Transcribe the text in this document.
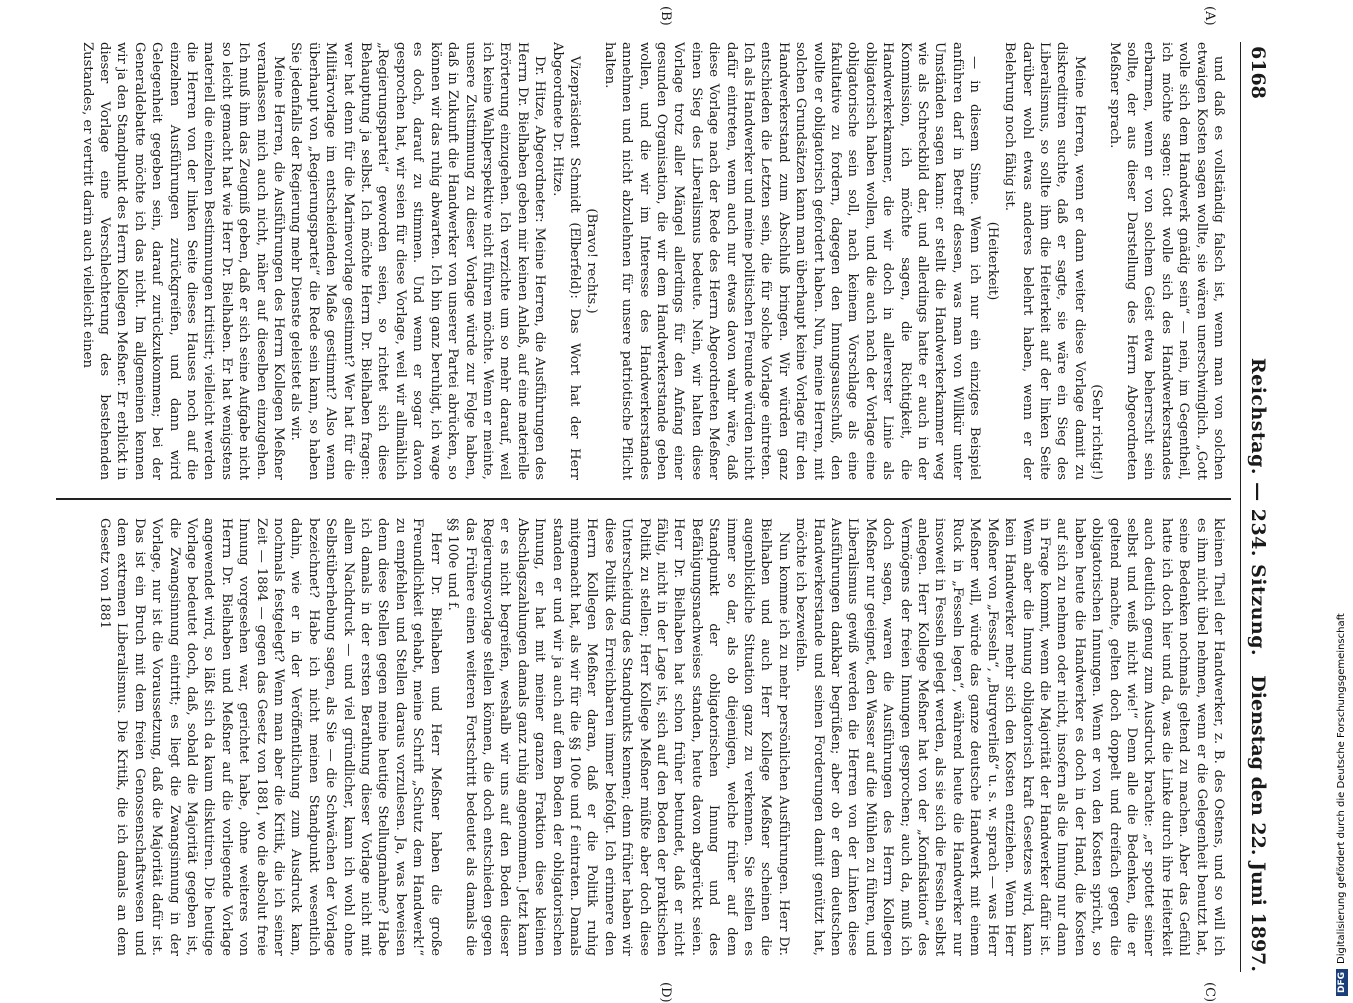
6168
Reichstag. — 234. Sitzung.
Dienstag den 22. Juni 1897.
(A)
(B)
(C)
(D)

und daß es vollständig falsch ist, wenn man von solchen etwaigen Kosten sagen wollte, sie wären unerschwinglich. „Gott wolle sich dem Handwerk gnädig sein“ — nein, im Gegentheil, ich möchte sagen: Gott wolle sich des Handwerkerstandes erbarmen, wenn er von solchem Geist etwa beherrscht sein sollte, der aus dieser Darstellung des Herrn Abgeordneten Meßner sprach.

(Sehr richtig!)

Meine Herren, wenn er dann weiter diese Vorlage damit zu diskreditiren suchte, daß er sagte, sie wäre ein Sieg des Liberalismus, so sollte ihm die Heiterkeit auf der linken Seite darüber wohl etwas anderes belehrt haben, wenn er der Belehrung noch fähig ist.

(Heiterkeit)

— in diesem Sinne. Wenn ich nur ein einziges Beispiel anführen darf in Betreff dessen, was man von Willkür unter Umständen sagen kann: er stellt die Handwerkerkammer weg wie als Schreckbild dar, und allerdings hatte er auch in der Kommission, ich möchte sagen, die Richtigkeit, die Handwerkerkammer, die wir doch in allererster Linie als obligatorisch haben wollen, und die auch nach der Vorlage eine obligatorische sein soll, nach keinem Vorschlage als eine fakultative zu fordern, dagegen den Innungsausschuß, den wollte er obligatorisch gefordert haben. Nun, meine Herren, mit solchen Grundsätzen kann man überhaupt keine Vorlage für den Handwerkerstand zum Abschluß bringen. Wir würden ganz entschieden die Letzten sein, die für solche Vorlage eintreten. Ich als Handwerker und meine politischen Freunde würden nicht dafür eintreten, wenn auch nur etwas davon wahr wäre, daß diese Vorlage nach der Rede des Herrn Abgeordneten Meßner einen Sieg des Liberalismus bedeute. Nein, wir halten diese Vorlage trotz aller Mängel allerdings für den Anfang einer gesunden Organisation, die wir dem Handwerkerstande geben wollen, und die wir im Interesse des Handwerkerstandes annehmen und nicht abzulehnen für unsere patriotische Pflicht halten.

(Bravo! rechts.)

Vizepräsident Schmidt (Elberfeld): Das Wort hat der Herr Abgeordnete Dr. Hitze.

Dr. Hitze, Abgeordneter: Meine Herren, die Ausführungen des Herrn Dr. Bielhaben geben mir keinen Anlaß, auf eine materielle Erörterung einzugehen. Ich verzichte um so mehr darauf, weil ich keine Wahlperspektive nicht führen möchte. Wenn er meinte, unsere Zustimmung zu dieser Vorlage würde zur Folge haben, daß in Zukunft die Handwerker von unserer Partei abrücken, so können wir das ruhig abwarten. Ich bin ganz beruhigt, ich wage es doch, darauf zu stimmen. Und wenn er sogar davon gesprochen hat, wir seien für diese Vorlage, weil wir allmählich „Regierungspartei“ geworden seien, so richtet sich diese Behauptung ja selbst. Ich möchte Herrn Dr. Bielhaben fragen: wer hat denn für die Marinevorlage gestimmt? Wer hat für die Militärvorlage im entscheidenden Maße gestimmt? Also wenn überhaupt von „Regierungspartei“ die Rede sein kann, so haben Sie jedenfalls der Regierung mehr Dienste geleistet als wir.

Meine Herren, die Ausführungen des Herrn Kollegen Meßner veranlassen mich auch nicht, näher auf dieselben einzugehen. Ich muß ihm das Zeugniß geben, daß er sich seine Aufgabe nicht so leicht gemacht hat wie Herr Dr. Bielhaben. Er hat wenigstens materiell die einzelnen Bestimmungen kritisirt; vielleicht werden die Herren von der linken Seite dieses Hauses noch auf die einzelnen Ausführungen zurückgreifen, und dann wird Gelegenheit gegeben sein, darauf zurückzukommen; bei der Generaldebatte möchte ich das nicht. Im allgemeinen kennen wir ja den Standpunkt des Herrn Kollegen Meßner. Er erblickt in dieser Vorlage eine Verschlechterung des bestehenden Zustandes, er vertritt darin auch vielleicht einen

kleinen Theil der Handwerker, z. B. des Ostens, und so will ich es ihm nicht übel nehmen, wenn er die Gelegenheit benutzt hat, seine Bedenken nochmals geltend zu machen. Aber das Gefühl hatte ich doch hier und da, was die Linke durch ihre Heiterkeit auch deutlich genug zum Ausdruck brachte: „er spottet seiner selbst und weiß nicht wie!“ Denn alle die Bedenken, die er geltend machte, gelten doch doppelt und dreifach gegen die obligatorischen Innungen. Wenn er von den Kosten spricht, so haben heute die Handwerker es doch in der Hand, die Kosten auf sich zu nehmen oder nicht, insofern als die Innung nur dann in Frage kommt, wenn die Majorität der Handwerker dafür ist. Wenn aber die Innung obligatorisch kraft Gesetzes wird, kann kein Handwerker mehr sich den Kosten entziehen. Wenn Herr Meßner von „Fesseln“, „Burgverließ“ u. s. w. sprach — was Herr Meßner will, würde das ganze deutsche Handwerk mit einem Ruck in „Fesseln legen“, während heute die Handwerker nur insoweit in Fesseln gelegt werden, als sie sich die Fesseln selbst anlegen. Herr Kollege Meßner hat von der „Konfiskation“ des Vermögens der freien Innungen gesprochen; auch da, muß ich doch sagen, waren die Ausführungen des Herrn Kollegen Meßner nur geeignet, den Wasser auf die Mühlen zu führen, und Liberalismus gewiß werden die Herren von der Linken diese Ausführungen dankbar begrüßen; aber ob er dem deutschen Handwerkerstande und seinen Forderungen damit genützt hat, möchte ich bezweifeln.

Nun komme ich zu mehr persönlichen Ausführungen. Herr Dr. Bielhaben und auch Herr Kollege Meßner scheinen die augenblickliche Situation ganz zu verkennen. Sie stellen es immer so dar, als ob diejenigen, welche früher auf dem Standpunkt der obligatorischen Innung und des Befähigungsnachweises standen, heute davon abgerückt seien. Herr Dr. Bielhaben hat schon früher betundet, daß er nicht fähig, nicht in der Lage ist, sich auf den Boden der praktischen Politik zu stellen; Herr Kollege Meßner müßte aber doch diese Unterscheidung des Standpunkts kennen; denn früher haben wir diese Politik des Erreichbaren immer befolgt. Ich erinnere den Herrn Kollegen Meßner daran, daß er die Politik ruhig mitgemacht hat, als wir für die §§ 100e und f eintraten. Damals standen er und wir ja auch auf dem Boden der obligatorischen Innung, er hat mit meiner ganzen Fraktion diese kleinen Abschlagszahlungen damals ganz ruhig angenommen. Jetzt kann er es nicht begreifen, weshalb wir uns auf den Boden dieser Regierungsvorlage stellen können, die doch entschieden gegen das Frühere einen weiteren Fortschritt bedeutet als damals die §§ 100e und f.

Herr Dr. Bielhaben und Herr Meßner haben die große Freundlichkeit gehabt, meine Schrift „Schutz dem Handwerk!“ zu empfehlen und Stellen daraus vorzulesen. Ja, was beweisen denn diese Stellen gegen meine heutige Stellungnahme? Habe ich damals in der ersten Berathung dieser Vorlage nicht mit allem Nachdruck — und viel gründlicher, kann ich wohl ohne Selbstüberhebung sagen, als Sie — die Schwächen der Vorlage bezeichnet? Habe ich nicht meinen Standpunkt wesentlich dahin, wie er in der Veröffentlichung zum Ausdruck kam, nochmals festgelegt? Wenn man aber die Kritik, die ich seiner Zeit — 1884 — gegen das Gesetz von 1881, wo die absolut freie Innung vorgesehen war, gerichtet habe, ohne weiteres von Herrn Dr. Bielhaben und Meßner auf die vorliegende Vorlage angewendet wird, so läßt sich da kaum diskutiren. Die heutige Vorlage bedeutet doch, daß, sobald die Majorität gegeben ist, die Zwangsinnung eintritt; es liegt die Zwangsinnung in der Vorlage, nur ist die Voraussetzung, daß die Majorität dafür ist. Das ist ein Bruch mit dem freien Genossenschaftswesen und dem extremen Liberalismus. Die Kritik, die ich damals an dem Gesetz von 1881

DFG
Digitalisierung gefördert durch die Deutsche Forschungsgemeinschaft
